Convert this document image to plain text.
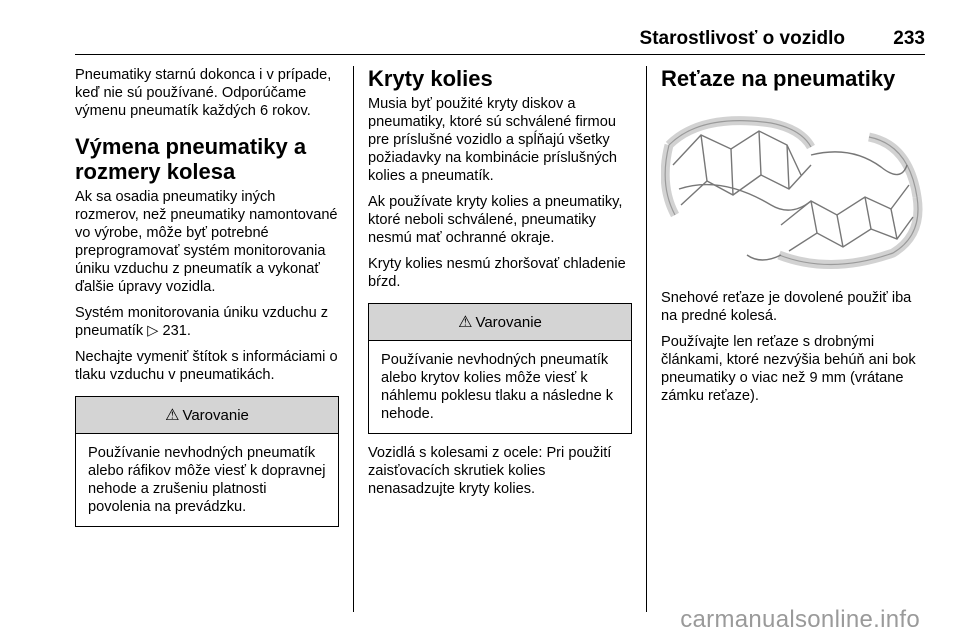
Starostlivosť o vozidlo	233

Pneumatiky starnú dokonca i v prípade, keď nie sú používané. Odporúčame výmenu pneumatík každých 6 rokov.

Výmena pneumatiky a rozmery kolesa

Ak sa osadia pneumatiky iných rozmerov, než pneumatiky namontované vo výrobe, môže byť potrebné preprogramovať systém monitorovania úniku vzduchu z pneumatík a vykonať ďalšie úpravy vozidla.

Systém monitorovania úniku vzduchu z pneumatík ▷ 231.

Nechajte vymeniť štítok s informáciami o tlaku vzduchu v pneumatikách.

⚠ Varovanie

Používanie nevhodných pneumatík alebo ráfikov môže viesť k dopravnej nehode a zrušeniu platnosti povolenia na prevádzku.

Kryty kolies

Musia byť použité kryty diskov a pneumatiky, ktoré sú schválené firmou pre príslušné vozidlo a spĺňajú všetky požiadavky na kombinácie príslušných kolies a pneumatík.

Ak používate kryty kolies a pneumatiky, ktoré neboli schválené, pneumatiky nesmú mať ochranné okraje.

Kryty kolies nesmú zhoršovať chladenie bŕzd.

⚠ Varovanie

Používanie nevhodných pneumatík alebo krytov kolies môže viesť k náhlemu poklesu tlaku a následne k nehode.

Vozidlá s kolesami z ocele: Pri použití zaisťovacích skrutiek kolies nenasadzujte kryty kolies.

Reťaze na pneumatiky

Snehové reťaze je dovolené použiť iba na predné kolesá.

Používajte len reťaze s drobnými článkami, ktoré nezvýšia behúň ani bok pneumatiky o viac než 9 mm (vrátane zámku reťaze).

carmanualsonline.info
